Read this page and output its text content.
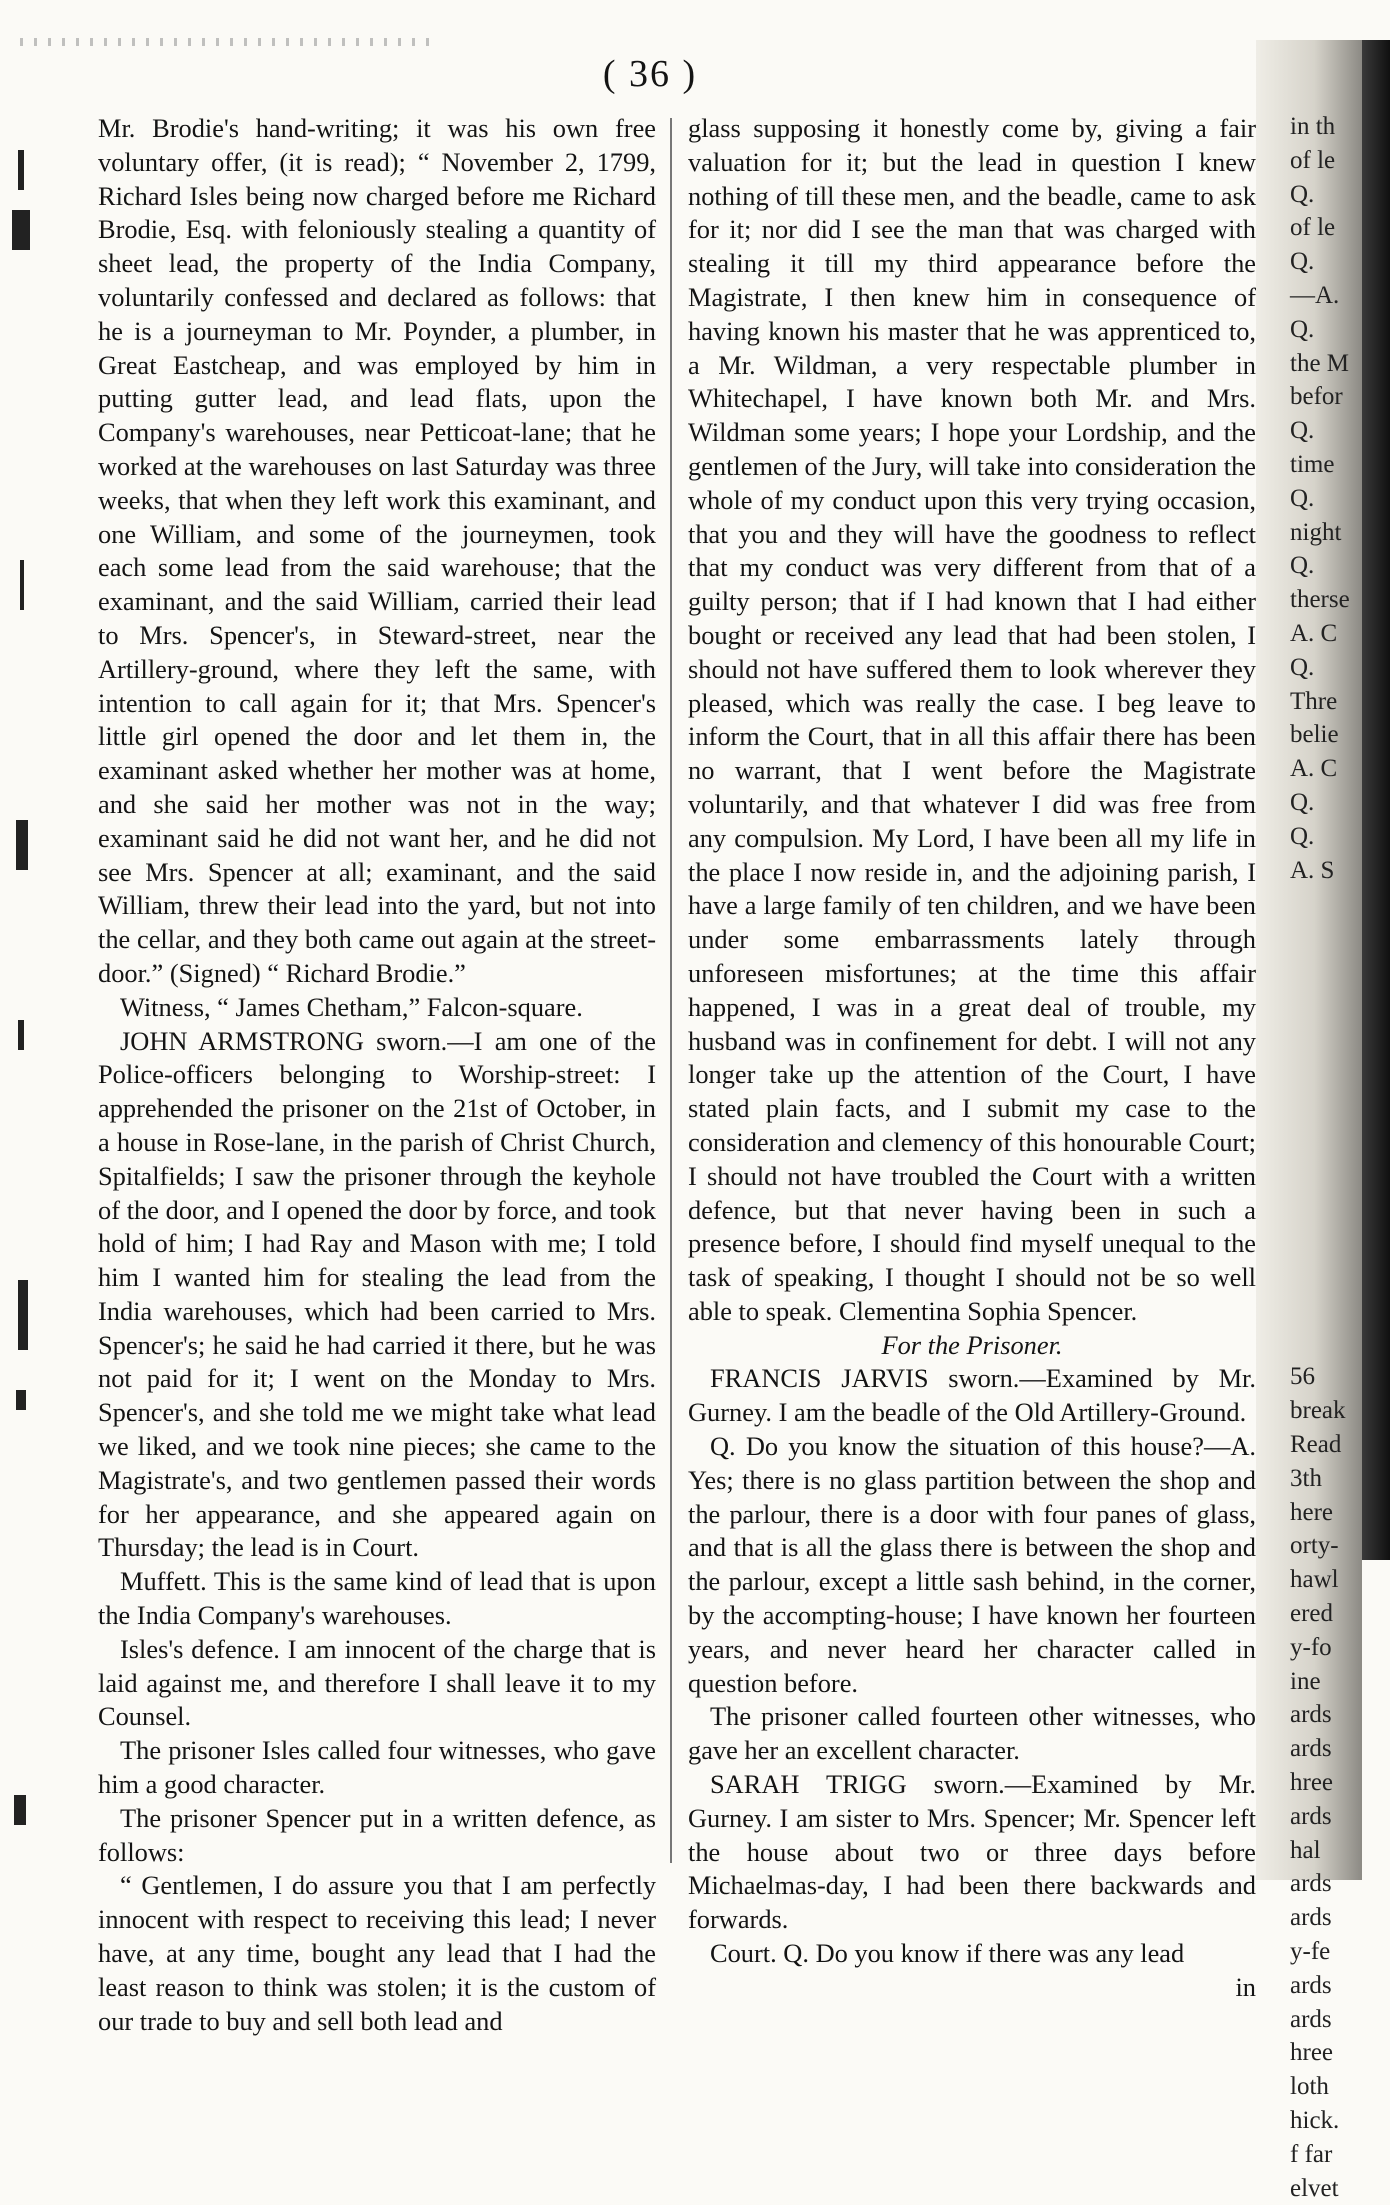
( 36 )

Mr. Brodie's hand-writing; it was his own free voluntary offer, (it is read); “ November 2, 1799, Richard Isles being now charged before me Richard Brodie, Esq. with feloniously stealing a quantity of sheet lead, the property of the India Company, voluntarily confessed and declared as follows: that he is a journeyman to Mr. Poynder, a plumber, in Great Eastcheap, and was employed by him in putting gutter lead, and lead flats, upon the Company's warehouses, near Petticoat-lane; that he worked at the warehouses on last Saturday was three weeks, that when they left work this examinant, and one William, and some of the journeymen, took each some lead from the said warehouse; that the examinant, and the said William, carried their lead to Mrs. Spencer's, in Steward-street, near the Artillery-ground, where they left the same, with intention to call again for it; that Mrs. Spencer's little girl opened the door and let them in, the examinant asked whether her mother was at home, and she said her mother was not in the way; examinant said he did not want her, and he did not see Mrs. Spencer at all; examinant, and the said William, threw their lead into the yard, but not into the cellar, and they both came out again at the street-door.” (Signed) “ Richard Brodie.”

Witness, “ James Chetham,” Falcon-square.

JOHN ARMSTRONG sworn.—I am one of the Police-officers belonging to Worship-street: I apprehended the prisoner on the 21st of October, in a house in Rose-lane, in the parish of Christ Church, Spitalfields; I saw the prisoner through the keyhole of the door, and I opened the door by force, and took hold of him; I had Ray and Mason with me; I told him I wanted him for stealing the lead from the India warehouses, which had been carried to Mrs. Spencer's; he said he had carried it there, but he was not paid for it; I went on the Monday to Mrs. Spencer's, and she told me we might take what lead we liked, and we took nine pieces; she came to the Magistrate's, and two gentlemen passed their words for her appearance, and she appeared again on Thursday; the lead is in Court.

Muffett. This is the same kind of lead that is upon the India Company's warehouses.

Isles's defence. I am innocent of the charge that is laid against me, and therefore I shall leave it to my Counsel.

The prisoner Isles called four witnesses, who gave him a good character.

The prisoner Spencer put in a written defence, as follows:

“ Gentlemen, I do assure you that I am perfectly innocent with respect to receiving this lead; I never have, at any time, bought any lead that I had the least reason to think was stolen; it is the custom of our trade to buy and sell both lead and

glass supposing it honestly come by, giving a fair valuation for it; but the lead in question I knew nothing of till these men, and the beadle, came to ask for it; nor did I see the man that was charged with stealing it till my third appearance before the Magistrate, I then knew him in consequence of having known his master that he was apprenticed to, a Mr. Wildman, a very respectable plumber in Whitechapel, I have known both Mr. and Mrs. Wildman some years; I hope your Lordship, and the gentlemen of the Jury, will take into consideration the whole of my conduct upon this very trying occasion, that you and they will have the goodness to reflect that my conduct was very different from that of a guilty person; that if I had known that I had either bought or received any lead that had been stolen, I should not have suffered them to look wherever they pleased, which was really the case. I beg leave to inform the Court, that in all this affair there has been no warrant, that I went before the Magistrate voluntarily, and that whatever I did was free from any compulsion. My Lord, I have been all my life in the place I now reside in, and the adjoining parish, I have a large family of ten children, and we have been under some embarrassments lately through unforeseen misfortunes; at the time this affair happened, I was in a great deal of trouble, my husband was in confinement for debt. I will not any longer take up the attention of the Court, I have stated plain facts, and I submit my case to the consideration and clemency of this honourable Court; I should not have troubled the Court with a written defence, but that never having been in such a presence before, I should find myself unequal to the task of speaking, I thought I should not be so well able to speak. Clementina Sophia Spencer.

For the Prisoner.

FRANCIS JARVIS sworn.—Examined by Mr. Gurney. I am the beadle of the Old Artillery-Ground.

Q. Do you know the situation of this house?—A. Yes; there is no glass partition between the shop and the parlour, there is a door with four panes of glass, and that is all the glass there is between the shop and the parlour, except a little sash behind, in the corner, by the accompting-house; I have known her fourteen years, and never heard her character called in question before.

The prisoner called fourteen other witnesses, who gave her an excellent character.

SARAH TRIGG sworn.—Examined by Mr. Gurney. I am sister to Mrs. Spencer; Mr. Spencer left the house about two or three days before Michaelmas-day, I had been there backwards and forwards.

Court. Q. Do you know if there was any lead

in

in th
of le
Q.
of le
Q.
—A.
Q.
the M
befor
Q.
time
Q.
night
Q.
therse
A. C
Q.
Thre
belie
A. C
Q.
Q.
A. S
56
break
Read
3th
here
orty-
hawl
ered
y-fo
ine
ards
ards
hree
ards
hal
ards
ards
y-fe
ards
ards
hree
loth
hick.
f far
elvet
